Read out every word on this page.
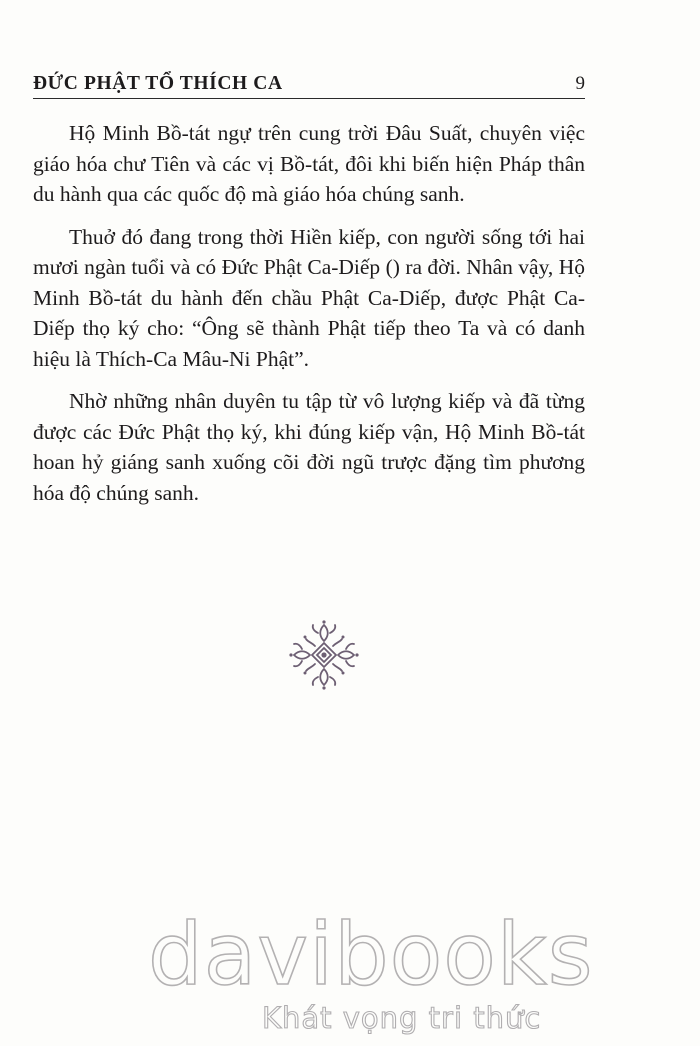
ĐỨC PHẬT TỔ THÍCH CA	9

Hộ Minh Bồ-tát ngự trên cung trời Đâu Suất, chuyên việc giáo hóa chư Tiên và các vị Bồ-tát, đôi khi biến hiện Pháp thân du hành qua các quốc độ mà giáo hóa chúng sanh.

Thuở đó đang trong thời Hiền kiếp, con người sống tới hai mươi ngàn tuổi và có Đức Phật Ca-Diếp () ra đời. Nhân vậy, Hộ Minh Bồ-tát du hành đến chầu Phật Ca-Diếp, được Phật Ca-Diếp thọ ký cho: “Ông sẽ thành Phật tiếp theo Ta và có danh hiệu là Thích-Ca Mâu-Ni Phật”.

Nhờ những nhân duyên tu tập từ vô lượng kiếp và đã từng được các Đức Phật thọ ký, khi đúng kiếp vận, Hộ Minh Bồ-tát hoan hỷ giáng sanh xuống cõi đời ngũ trược đặng tìm phương hóa độ chúng sanh.

davibooks
Khát vọng tri thức
